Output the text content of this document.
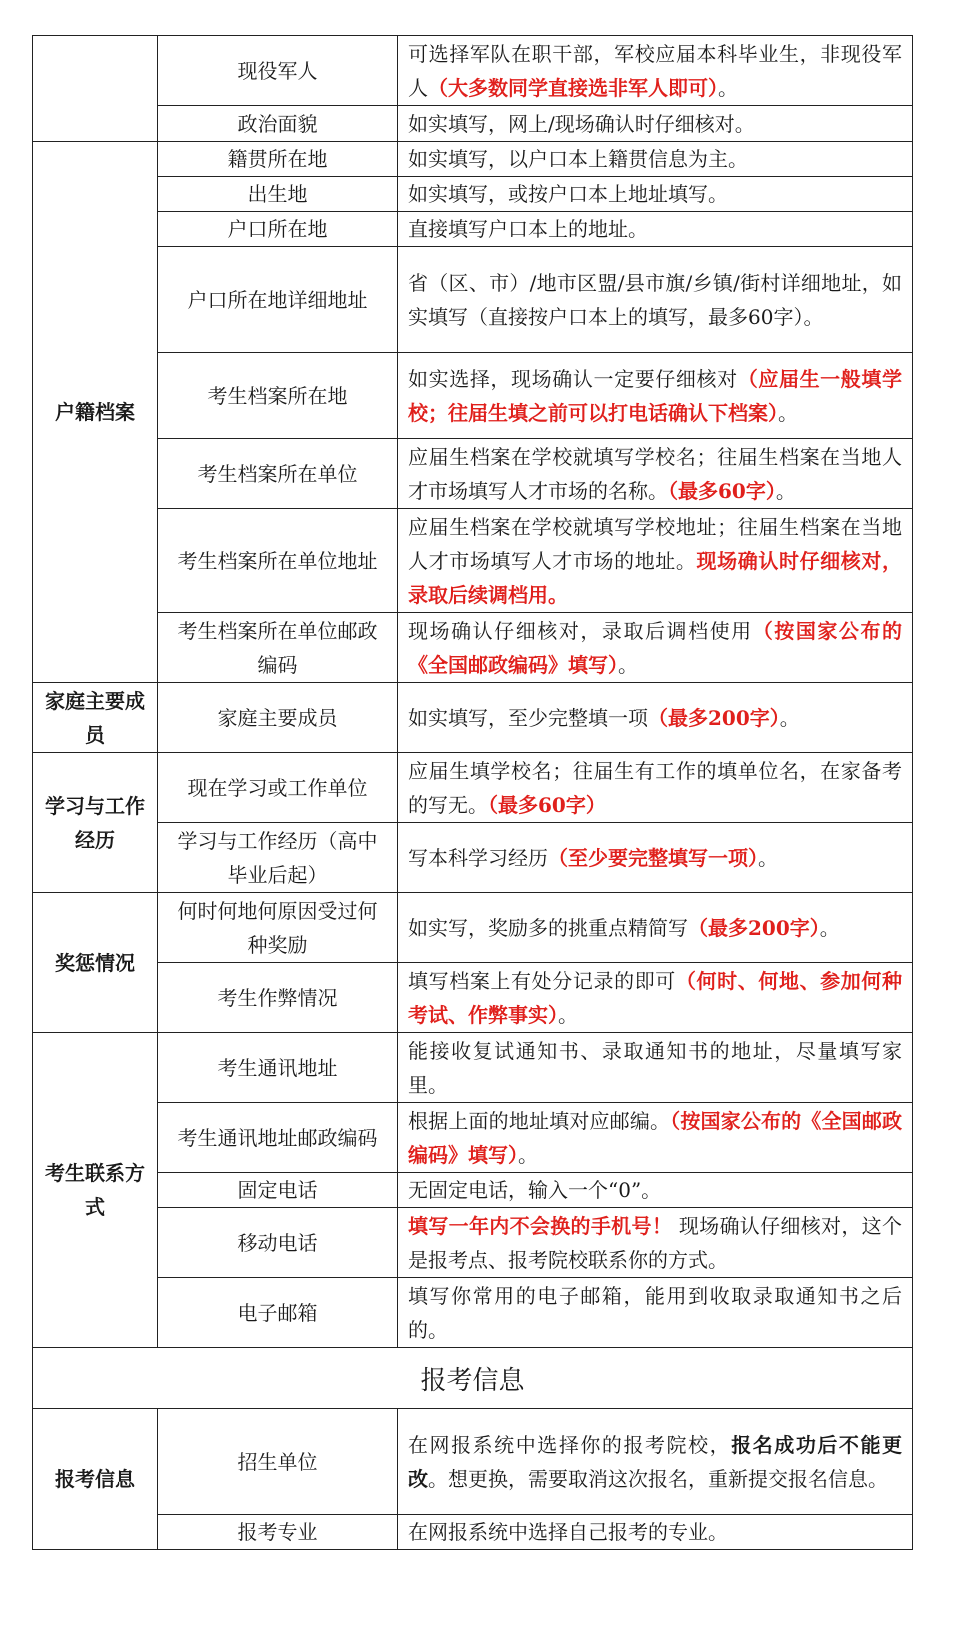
	现役军人	可选择军队在职干部，军校应届本科毕业生，非现役军人（大多数同学直接选非军人即可）。
	政治面貌	如实填写，网上/现场确认时仔细核对。
户籍档案	籍贯所在地	如实填写，以户口本上籍贯信息为主。
	出生地	如实填写，或按户口本上地址填写。
	户口所在地	直接填写户口本上的地址。
	户口所在地详细地址	省（区、市）/地市区盟/县市旗/乡镇/街村详细地址，如实填写（直接按户口本上的填写，最多60字）。
	考生档案所在地	如实选择，现场确认一定要仔细核对（应届生一般填学校；往届生填之前可以打电话确认下档案）。
	考生档案所在单位	应届生档案在学校就填写学校名；往届生档案在当地人才市场填写人才市场的名称。（最多60字）。
	考生档案所在单位地址	应届生档案在学校就填写学校地址；往届生档案在当地人才市场填写人才市场的地址。现场确认时仔细核对，录取后续调档用。
	考生档案所在单位邮政编码	现场确认仔细核对，录取后调档使用（按国家公布的《全国邮政编码》填写）。
家庭主要成员	家庭主要成员	如实填写，至少完整填一项（最多200字）。
学习与工作经历	现在学习或工作单位	应届生填学校名；往届生有工作的填单位名，在家备考的写无。（最多60字）
	学习与工作经历（高中毕业后起）	写本科学习经历（至少要完整填写一项）。
奖惩情况	何时何地何原因受过何种奖励	如实写，奖励多的挑重点精简写（最多200字）。
	考生作弊情况	填写档案上有处分记录的即可（何时、何地、参加何种考试、作弊事实）。
考生联系方式	考生通讯地址	能接收复试通知书、录取通知书的地址，尽量填写家里。
	考生通讯地址邮政编码	根据上面的地址填对应邮编。（按国家公布的《全国邮政编码》填写）。
	固定电话	无固定电话，输入一个“0”。
	移动电话	填写一年内不会换的手机号！ 现场确认仔细核对，这个是报考点、报考院校联系你的方式。
	电子邮箱	填写你常用的电子邮箱，能用到收取录取通知书之后的。
报考信息		
报考信息	招生单位	在网报系统中选择你的报考院校，报名成功后不能更改。想更换，需要取消这次报名，重新提交报名信息。
	报考专业	在网报系统中选择自己报考的专业。
